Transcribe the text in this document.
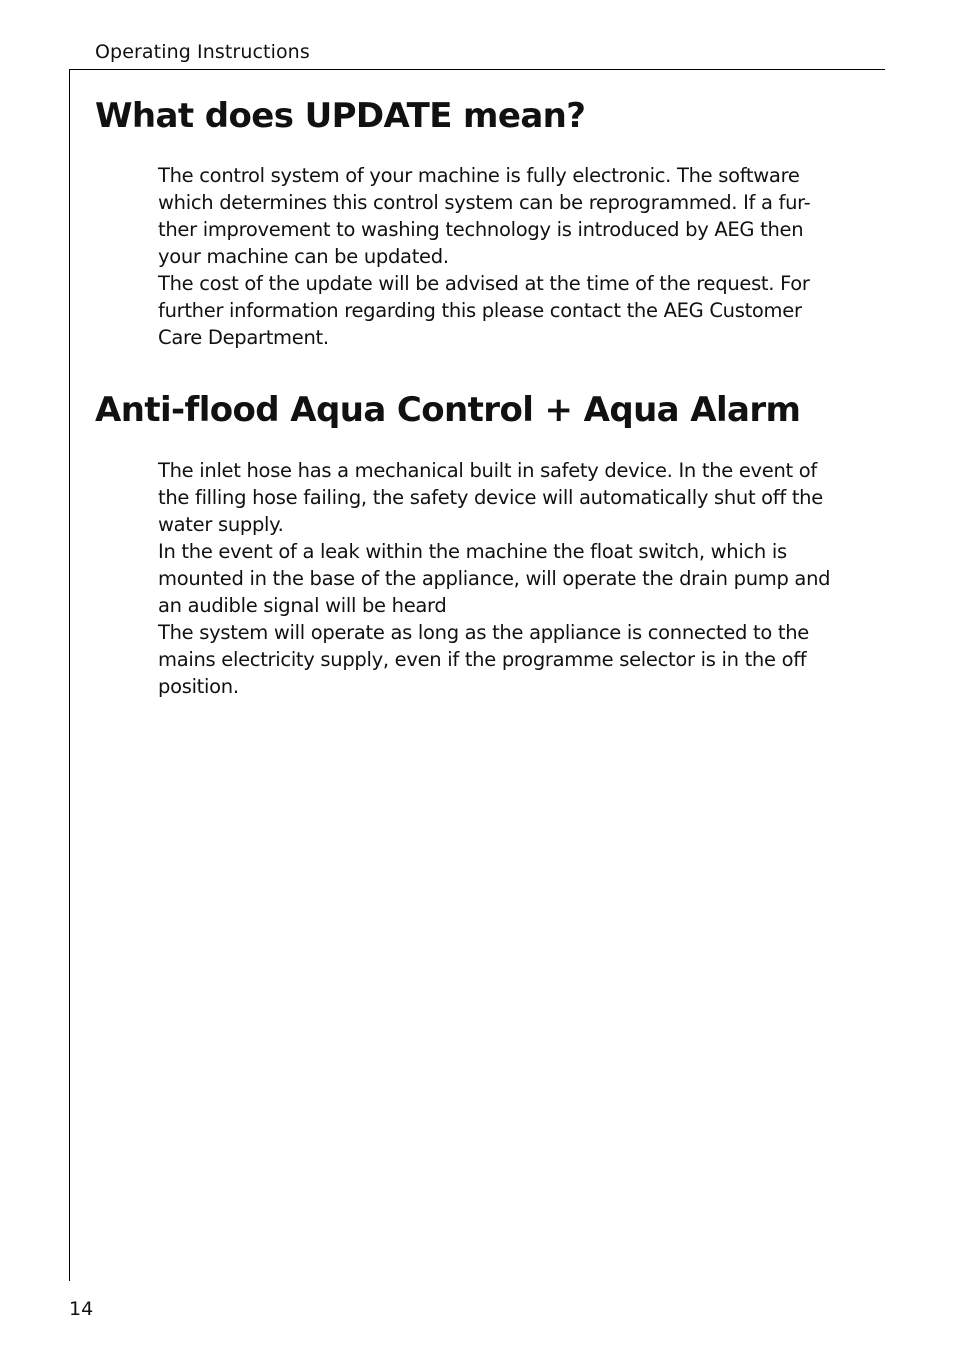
Operating Instructions
What does UPDATE mean?
The control system of your machine is fully electronic. The software
which determines this control system can be reprogrammed. If a fur-
ther improvement to washing technology is introduced by AEG then
your machine can be updated.
The cost of the update will be advised at the time of the request. For
further information regarding this please contact the AEG Customer
Care Department.
Anti-flood Aqua Control + Aqua Alarm
The inlet hose has a mechanical built in safety device. In the event of
the filling hose failing, the safety device will automatically shut off the
water supply.
In the event of a leak within the machine the float switch, which is
mounted in the base of the appliance, will operate the drain pump and
an audible signal will be heard
The system will operate as long as the appliance is connected to the
mains electricity supply, even if the programme selector is in the off
position.
14
